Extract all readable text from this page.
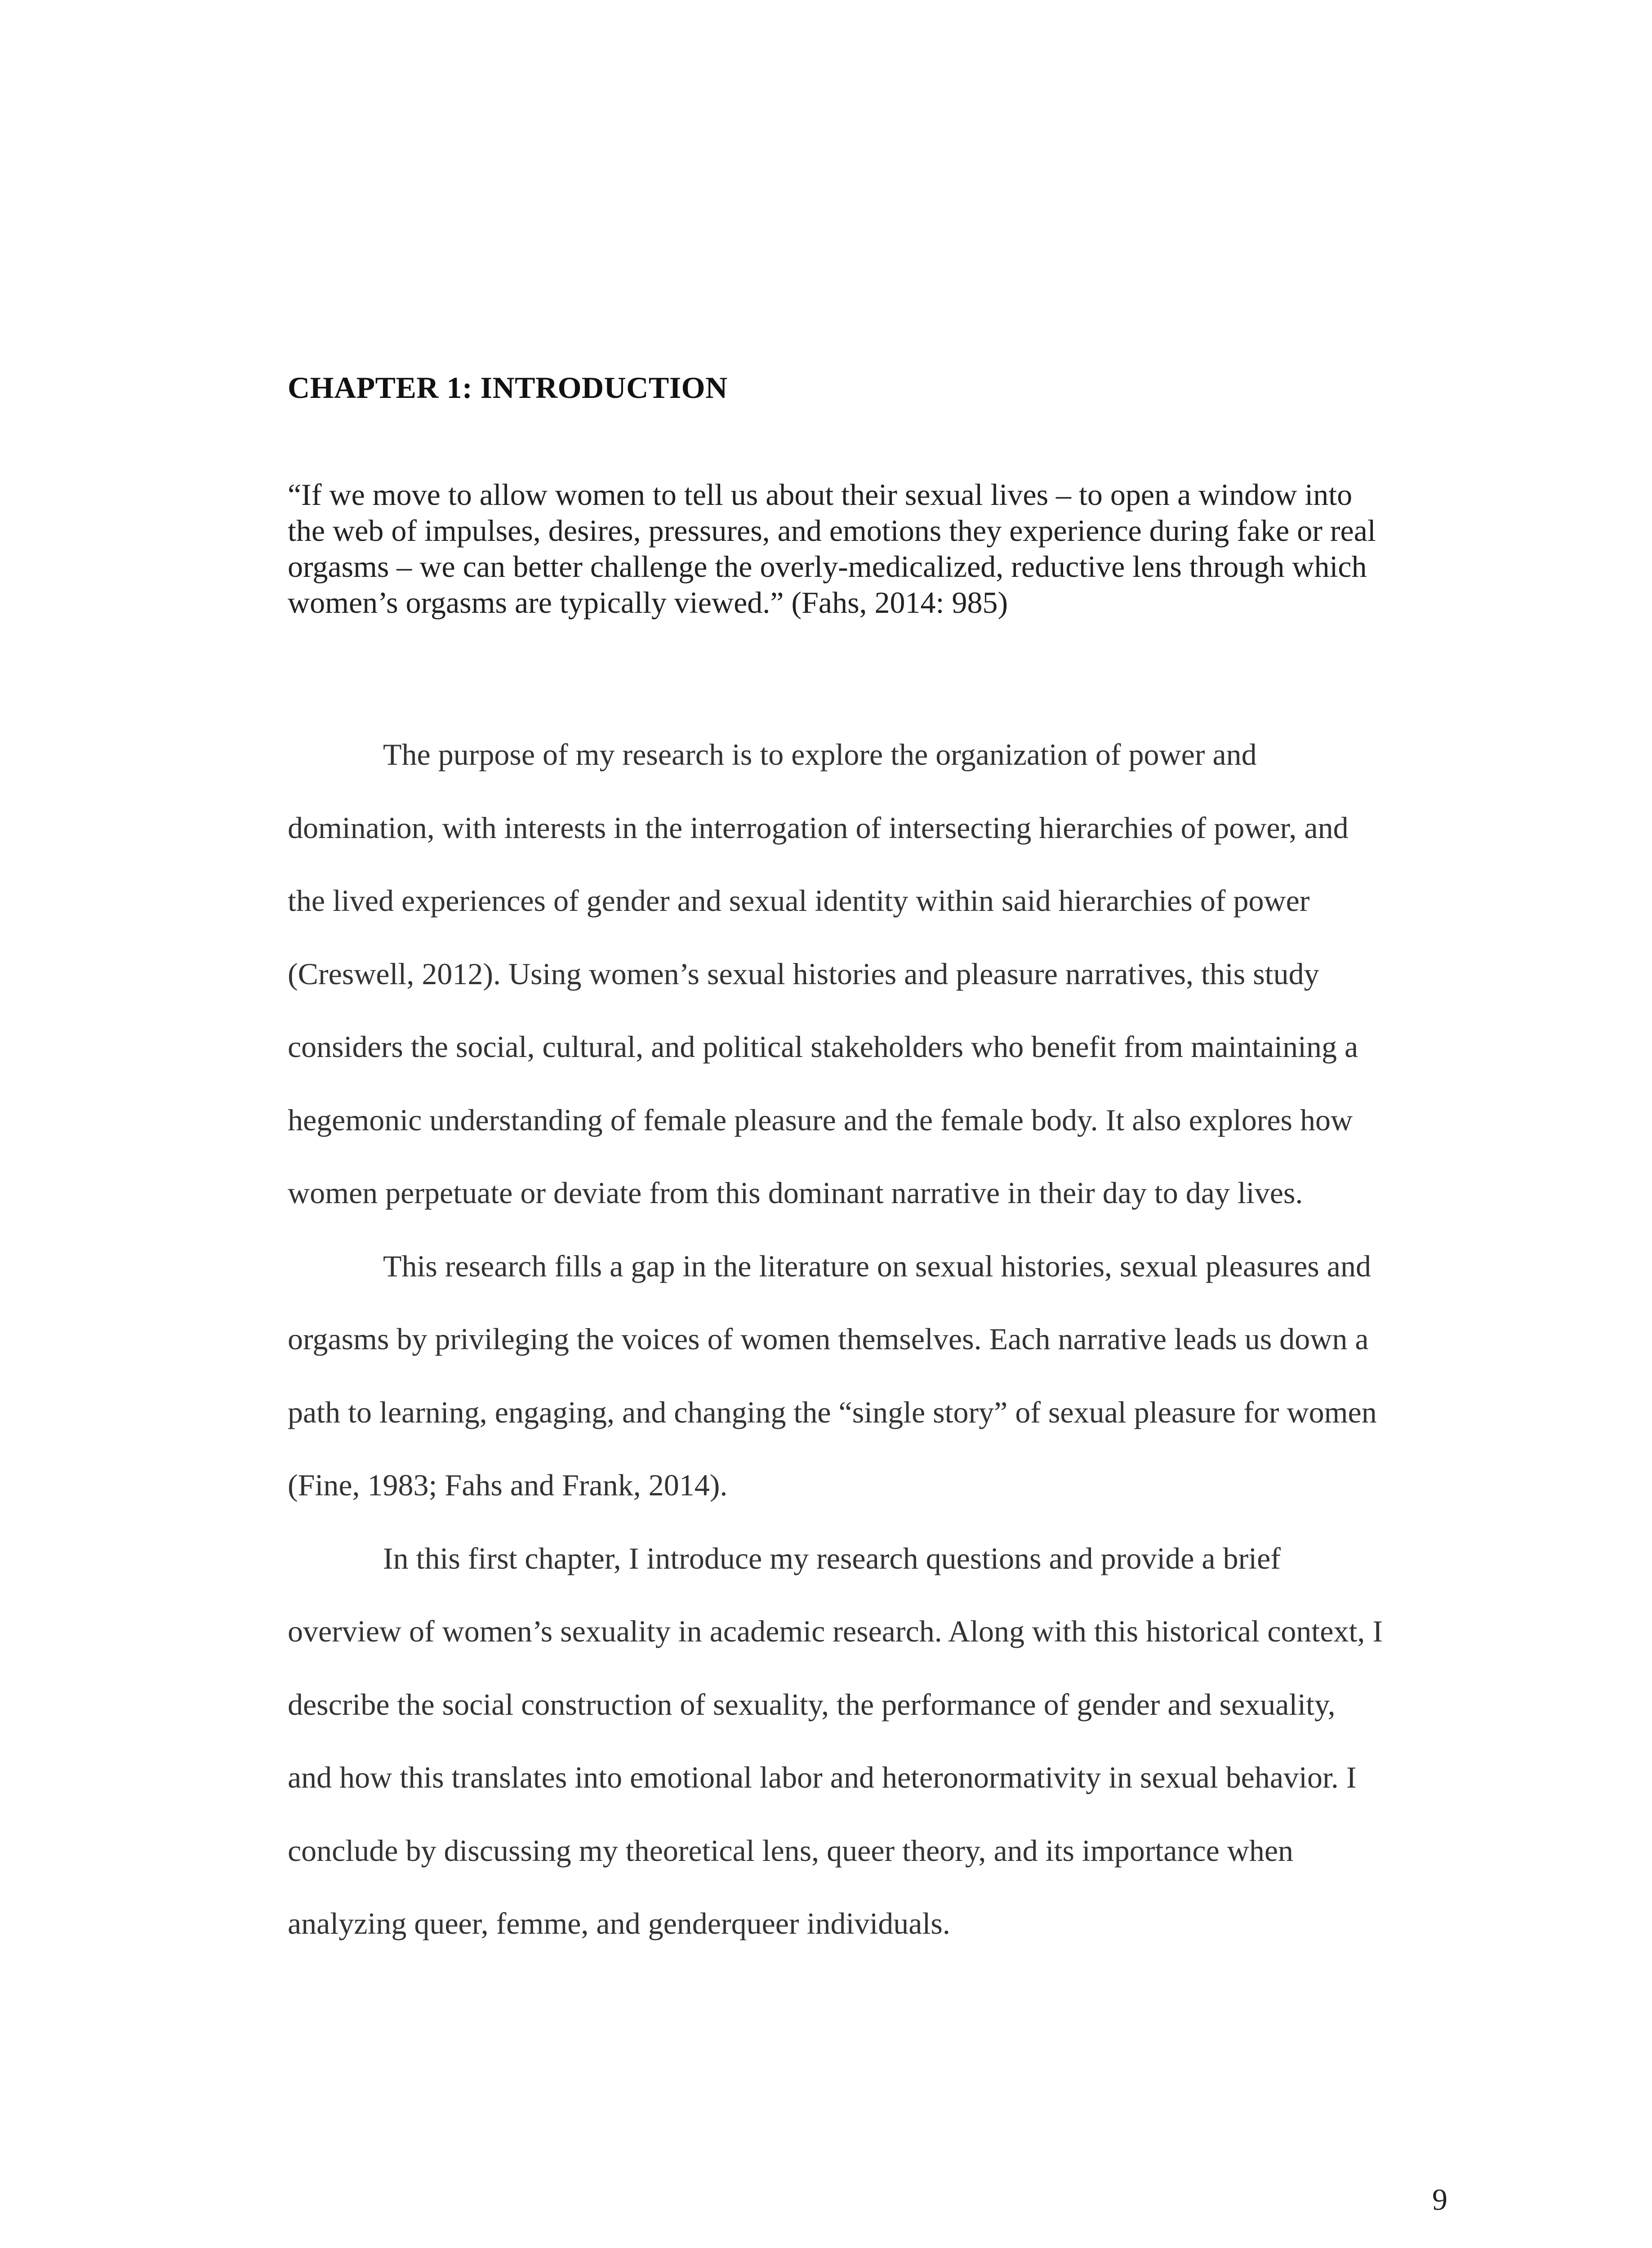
CHAPTER 1: INTRODUCTION
“If we move to allow women to tell us about their sexual lives – to open a window into
the web of impulses, desires, pressures, and emotions they experience during fake or real
orgasms – we can better challenge the overly-medicalized, reductive lens through which
women’s orgasms are typically viewed.” (Fahs, 2014: 985)
The purpose of my research is to explore the organization of power and
domination, with interests in the interrogation of intersecting hierarchies of power, and
the lived experiences of gender and sexual identity within said hierarchies of power
(Creswell, 2012). Using women’s sexual histories and pleasure narratives, this study
considers the social, cultural, and political stakeholders who benefit from maintaining a
hegemonic understanding of female pleasure and the female body. It also explores how
women perpetuate or deviate from this dominant narrative in their day to day lives.
This research fills a gap in the literature on sexual histories, sexual pleasures and
orgasms by privileging the voices of women themselves. Each narrative leads us down a
path to learning, engaging, and changing the “single story” of sexual pleasure for women
(Fine, 1983; Fahs and Frank, 2014).
In this first chapter, I introduce my research questions and provide a brief
overview of women’s sexuality in academic research. Along with this historical context, I
describe the social construction of sexuality, the performance of gender and sexuality,
and how this translates into emotional labor and heteronormativity in sexual behavior. I
conclude by discussing my theoretical lens, queer theory, and its importance when
analyzing queer, femme, and genderqueer individuals.
9
